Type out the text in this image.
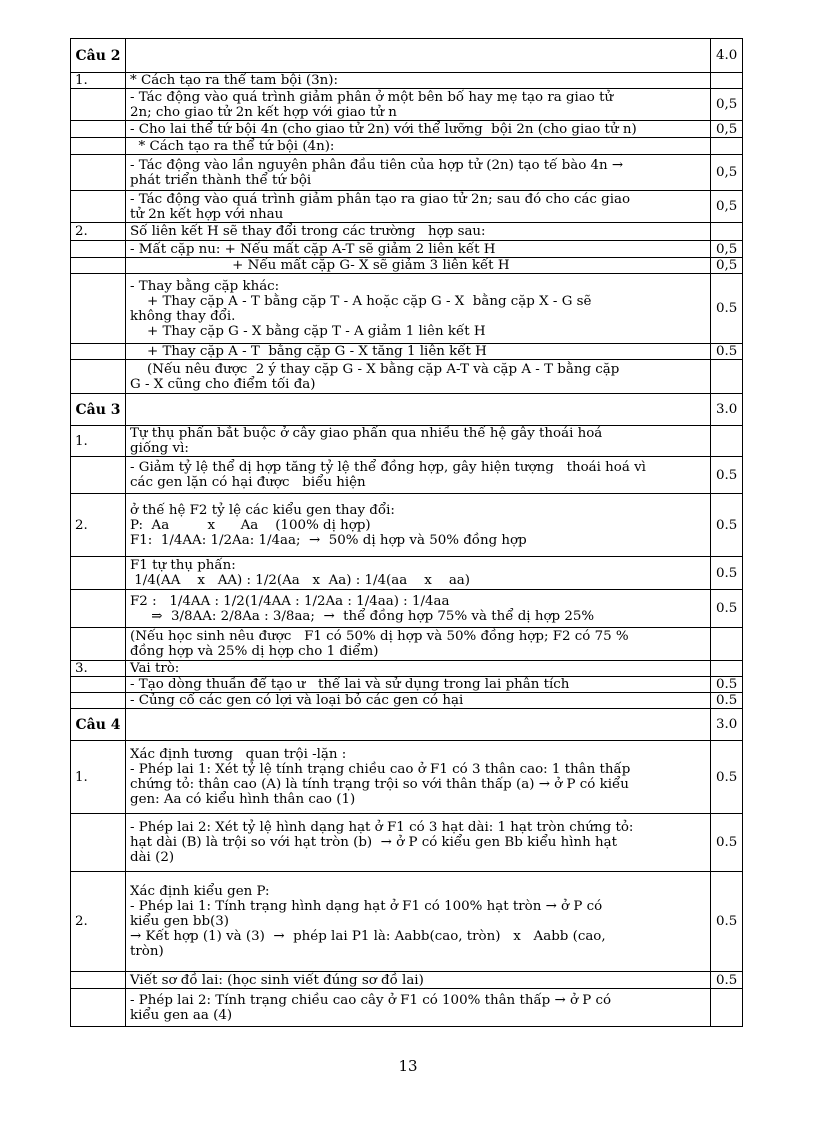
Câu 2		4.0
1.	* Cách tạo ra thể tam bội (3n):	

	- Tác động vào quá trình giảm phân ở một bên bố hay mẹ tạo ra giao tử
2n; cho giao tử 2n kết hợp với giao tử n	0,5

	- Cho lai thể tứ bội 4n (cho giao tử 2n) với thể lưỡng  bội 2n (cho giao tử n)	0,5

	* Cách tạo ra thể tứ bội (4n):	

	- Tác động vào lần nguyên phân đầu tiên của hợp tử (2n) tạo tế bào 4n →
phát triển thành thể tứ bội	0,5

	- Tác động vào quá trình giảm phân tạo ra giao tử 2n; sau đó cho các giao
tử 2n kết hợp với nhau	0,5
2.	Số liên kết H sẽ thay đổi trong các trường   hợp sau:	

	- Mất cặp nu: + Nếu mất cặp A-T sẽ giảm 2 liên kết H	0,5

	+ Nếu mất cặp G- X sẽ giảm 3 liên kết H	0,5

	- Thay bằng cặp khác:
+ Thay cặp A - T bằng cặp T - A hoặc cặp G - X  bằng cặp X - G sẽ
không thay đổi.
+ Thay cặp G - X bằng cặp T - A giảm 1 liên kết H	0.5

	+ Thay cặp A - T  bằng cặp G - X tăng 1 liên kết H	0.5

	(Nếu nêu được  2 ý thay cặp G - X bằng cặp A-T và cặp A - T bằng cặp
G - X cũng cho điểm tối đa)	

Câu 3		3.0
1.	Tự thụ phấn bắt buộc ở cây giao phấn qua nhiều thế hệ gây thoái hoá
giống vì:	

	- Giảm tỷ lệ thể dị hợp tăng tỷ lệ thể đồng hợp, gây hiện tượng   thoái hoá vì
các gen lặn có hại được   biểu hiện	0.5
2.	ở thế hệ F2 tỷ lệ các kiểu gen thay đổi:
P:  Aa         x      Aa    (100% dị hợp)
F1:  1/4AA: 1/2Aa: 1/4aa;  →  50% dị hợp và 50% đồng hợp	0.5

	F1 tự thụ phấn:
1/4(AA    x   AA) : 1/2(Aa   x  Aa) : 1/4(aa    x    aa)	0.5

	F2 :   1/4AA : 1/2(1/4AA : 1/2Aa : 1/4aa) : 1/4aa
⇒  3/8AA: 2/8Aa : 3/8aa;  →  thể đồng hợp 75% và thể dị hợp 25%	0.5

	(Nếu học sinh nêu được   F1 có 50% dị hợp và 50% đồng hợp; F2 có 75 %
đồng hợp và 25% dị hợp cho 1 điểm)	

3.	Vai trò:	

	- Tạo dòng thuần để tạo ư   thế lai và sử dụng trong lai phân tích	0.5

	- Củng cố các gen có lợi và loại bỏ các gen có hại	0.5
Câu 4		3.0
1.	Xác định tương   quan trội -lặn :
- Phép lai 1: Xét tỷ lệ tính trạng chiều cao ở F1 có 3 thân cao: 1 thân thấp
chứng tỏ: thân cao (A) là tính trạng trội so với thân thấp (a) → ở P có kiểu
gen: Aa có kiểu hình thân cao (1)	0.5

	- Phép lai 2: Xét tỷ lệ hình dạng hạt ở F1 có 3 hạt dài: 1 hạt tròn chứng tỏ:
hạt dài (B) là trội so với hạt tròn (b)  → ở P có kiểu gen Bb kiểu hình hạt
dài (2)	0.5
2.	Xác định kiểu gen P:
- Phép lai 1: Tính trạng hình dạng hạt ở F1 có 100% hạt tròn → ở P có
kiểu gen bb(3)
→ Kết hợp (1) và (3)  →  phép lai P1 là: Aabb(cao, tròn)   x   Aabb (cao,
tròn)	0.5

	Viết sơ đồ lai: (học sinh viết đúng sơ đồ lai)	0.5

	- Phép lai 2: Tính trạng chiều cao cây ở F1 có 100% thân thấp → ở P có
kiểu gen aa (4)	

13
